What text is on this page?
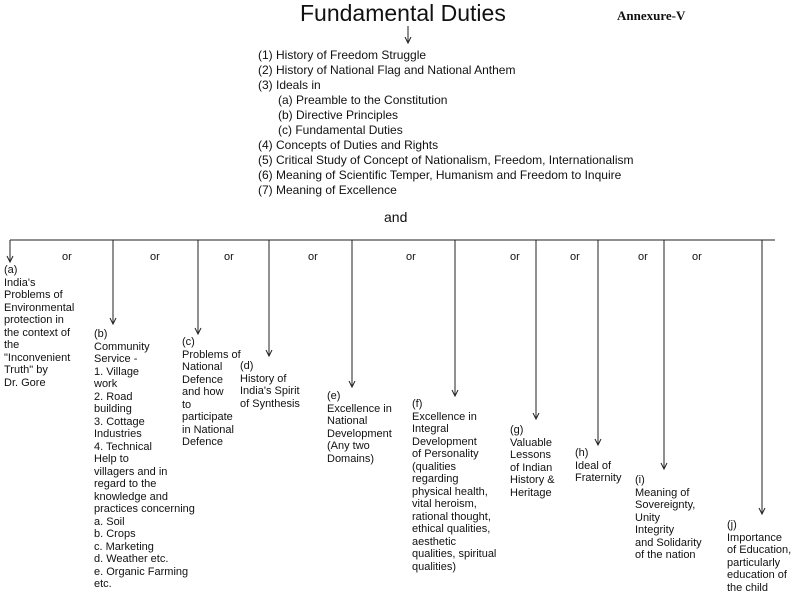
Fundamental Duties	Annexure-V
(1) History of Freedom Struggle
(2) History of National Flag and National Anthem
(3) Ideals in
(a) Preamble to the Constitution
(b) Directive Principles
(c) Fundamental Duties
(4) Concepts of Duties and Rights
(5) Critical Study of Concept of Nationalism, Freedom, Internationalism
(6) Meaning of Scientific Temper, Humanism and Freedom to Inquire
(7) Meaning of Excellence
and
(a)
India's
Problems of
Environmental
protection in
the context of
the
"Inconvenient
Truth" by
Dr. Gore
(b)
Community
Service -
1. Village
work
2. Road
building
3. Cottage
Industries
4. Technical
Help to
villagers and in
regard to the
knowledge and
practices concerning
a. Soil
b. Crops
c. Marketing
d. Weather etc.
e. Organic Farming
etc.
(c)
Problems of
National
Defence
and how
to
participate
in National
Defence
(d)
History of
India's Spirit
of Synthesis
(e)
Excellence in
National
Development
(Any two
Domains)
(f)
Excellence in
Integral
Development
of Personality
(qualities
regarding
physical health,
vital heroism,
rational thought,
ethical qualities,
aesthetic
qualities, spiritual
qualities)
(g)
Valuable
Lessons
of Indian
History &
Heritage
(h)
Ideal of
Fraternity	(i)
Meaning of
Sovereignty,
Unity
Integrity
and Solidarity
of the nation
(j)
Importance
of Education,
particularly
education of
the child
or	or	or	or	or	or	or	or	or
